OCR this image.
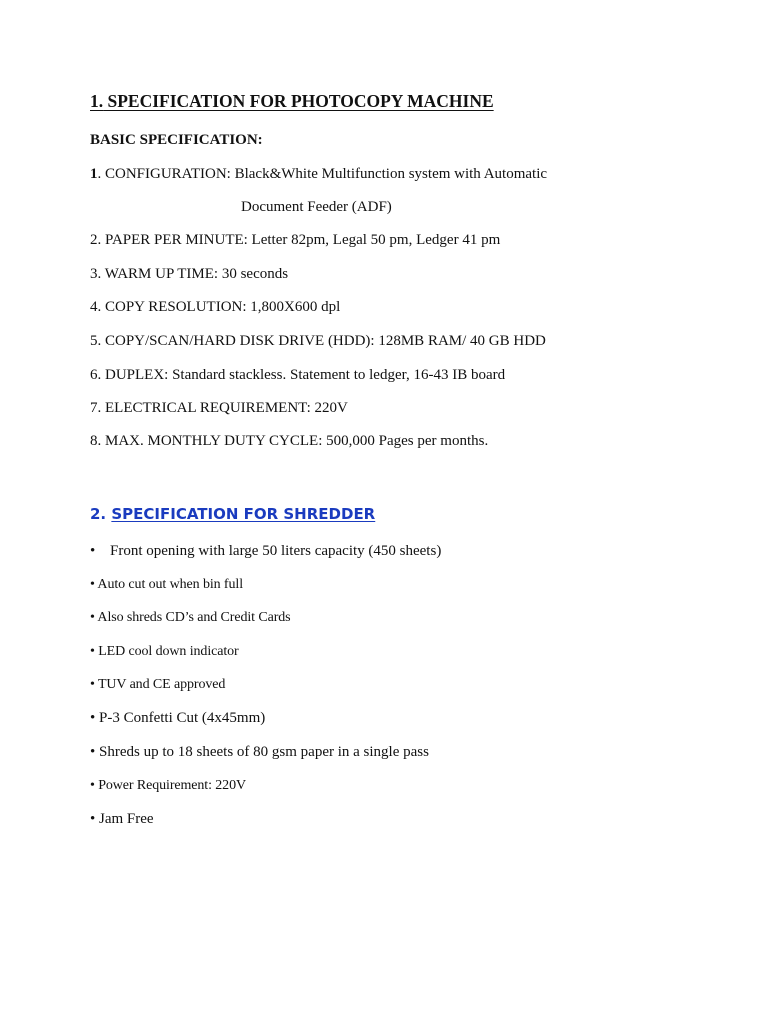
1. SPECIFICATION FOR PHOTOCOPY MACHINE
BASIC SPECIFICATION:
1. CONFIGURATION: Black&White Multifunction system with Automatic
Document Feeder (ADF)
2. PAPER PER MINUTE: Letter 82pm, Legal 50 pm, Ledger 41 pm
3. WARM UP TIME: 30 seconds
4. COPY RESOLUTION: 1,800X600 dpl
5. COPY/SCAN/HARD DISK DRIVE (HDD): 128MB RAM/ 40 GB HDD
6. DUPLEX: Standard stackless. Statement to ledger, 16-43 IB board
7. ELECTRICAL REQUIREMENT: 220V
8. MAX. MONTHLY DUTY CYCLE: 500,000 Pages per months.
2. SPECIFICATION FOR SHREDDER
• Front opening with large 50 liters capacity (450 sheets)
• Auto cut out when bin full
• Also shreds CD’s and Credit Cards
• LED cool down indicator
• TUV and CE approved
• P-3 Confetti Cut (4x45mm)
• Shreds up to 18 sheets of 80 gsm paper in a single pass
• Power Requirement: 220V
• Jam Free
